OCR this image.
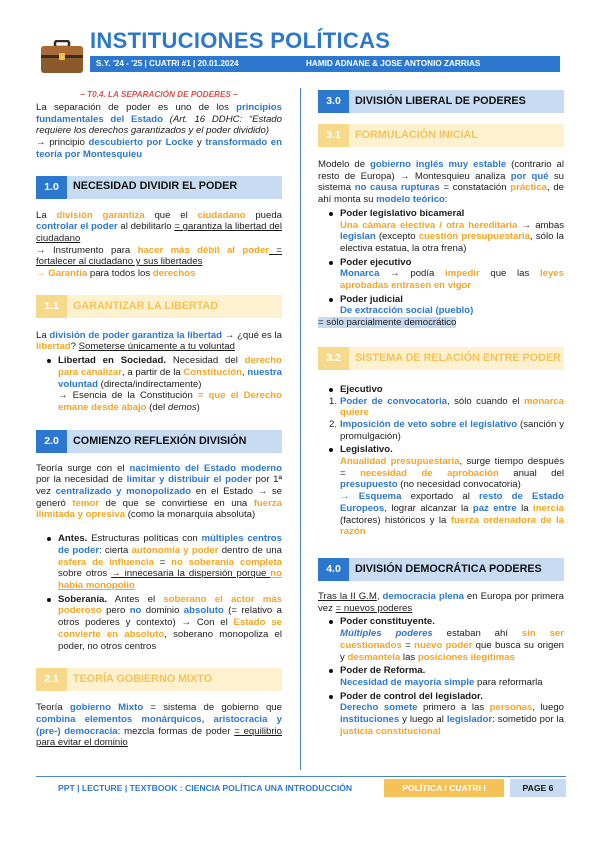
INSTITUCIONES POLÍTICAS
S.Y. '24 - '25 | CUATRI #1 | 20.01.2024	HAMID ADNANE & JOSE ANTONIO ZARRIAS
– T0.4. LA SEPARACIÓN DE PODERES –

La separación de poder es uno de los principios fundamentales del Estado (Art. 16 DDHC: “Estado requiere los derechos garantizados y el poder dividido)
→ principio descubierto por Locke y transformado en teoría por Montesquieu

1.0	NECESIDAD DIVIDIR EL PODER

La división garantiza que el ciudadano pueda controlar el poder al debilitarlo = garantiza la libertad del ciudadano
→ Instrumento para hacer más débil al poder = fortalecer al ciudadano y sus libertades
→ Garantía para todos los derechos

1.1	GARANTIZAR LA LIBERTAD

La división de poder garantiza la libertad → ¿qué es la libertad? Someterse únicamente a tu voluntad

Libertad en Sociedad. Necesidad del derecho para canalizar, a partir de la Constitución, nuestra voluntad (directa/indirectamente)
→ Esencia de la Constitución = que el Derecho emane desde abajo (del demos)
2.0	COMIENZO REFLEXIÓN DIVISIÓN

Teoría surge con el nacimiento del Estado moderno por la necesidad de limitar y distribuir el poder por 1ª vez centralizado y monopolizado en el Estado → se generó temor de que se convirtiese en una fuerza ilimitada y opresiva (como la monarquía absoluta)

Antes. Estructuras políticas con múltiples centros de poder: cierta autonomía y poder dentro de una esfera de influencia = no soberanía completa sobre otros → innecesaria la dispersión porque no había monopolio
Soberanía. Antes el soberano el actor más poderoso pero no dominio absoluto (= relativo a otros poderes y contexto) → Con el Estado se convierte en absoluto, soberano monopoliza el poder, no otros centros
2.1	TEORÍA GOBIERNO MIXTO

Teoría gobierno Mixto = sistema de gobierno que combina elementos monárquicos, aristocracia y (pre-) democracia: mezcla formas de poder = equilibrio para evitar el dominio

3.0	DIVISIÓN LIBERAL DE PODERES
3.1	FORMULACIÓN INICIAL

Modelo de gobierno inglés muy estable (contrario al resto de Europa) → Montesquieu analiza por qué su sistema no causa rupturas = constatación práctica, de ahí monta su modelo teórico:

Poder legislativo bicameral
Una cámara electiva / otra hereditaria → ambas legislan (excepto cuestión presupuestaria, sólo la electiva estatua, la otra frena)
Poder ejecutivo
Monarca → podía impedir que las leyes aprobadas entrasen en vigor
Poder judicial
De extracción social (pueblo)
= sólo parcialmente democrático
3.2	SISTEMA DE RELACIÓN ENTRE PODER
Ejecutivo
1. Poder de convocatoria, sólo cuando el monarca quiere
2. Imposición de veto sobre el legislativo (sanción y promulgación)
Legislativo.
Anualidad presupuestaria, surge tiempo después = necesidad de aprobación anual del presupuesto (no necesidad convocatoria)
→ Esquema exportado al resto de Estado Europeos, lograr alcanzar la paz entre la inercia (factores) históricos y la fuerza ordenadora de la razón
4.0	DIVISIÓN DEMOCRÁTICA PODERES

Tras la II G.M, democracia plena en Europa por primera vez = nuevos poderes

Poder constituyente.
Múltiples poderes estaban ahí sin ser cuestionados = nuevo poder que busca su origen y desmantela las posiciones ilegítimas
Poder de Reforma.
Necesidad de mayoría simple para reformarla
Poder de control del legislador.
Derecho somete primero a las personas, luego instituciones y luego al legislador: sometido por la justicia constitucional
PPT | LECTURE | TEXTBOOK : CIENCIA POLÍTICA UNA INTRODUCCIÓN	POLÍTICA / CUATRI I	PAGE 6
